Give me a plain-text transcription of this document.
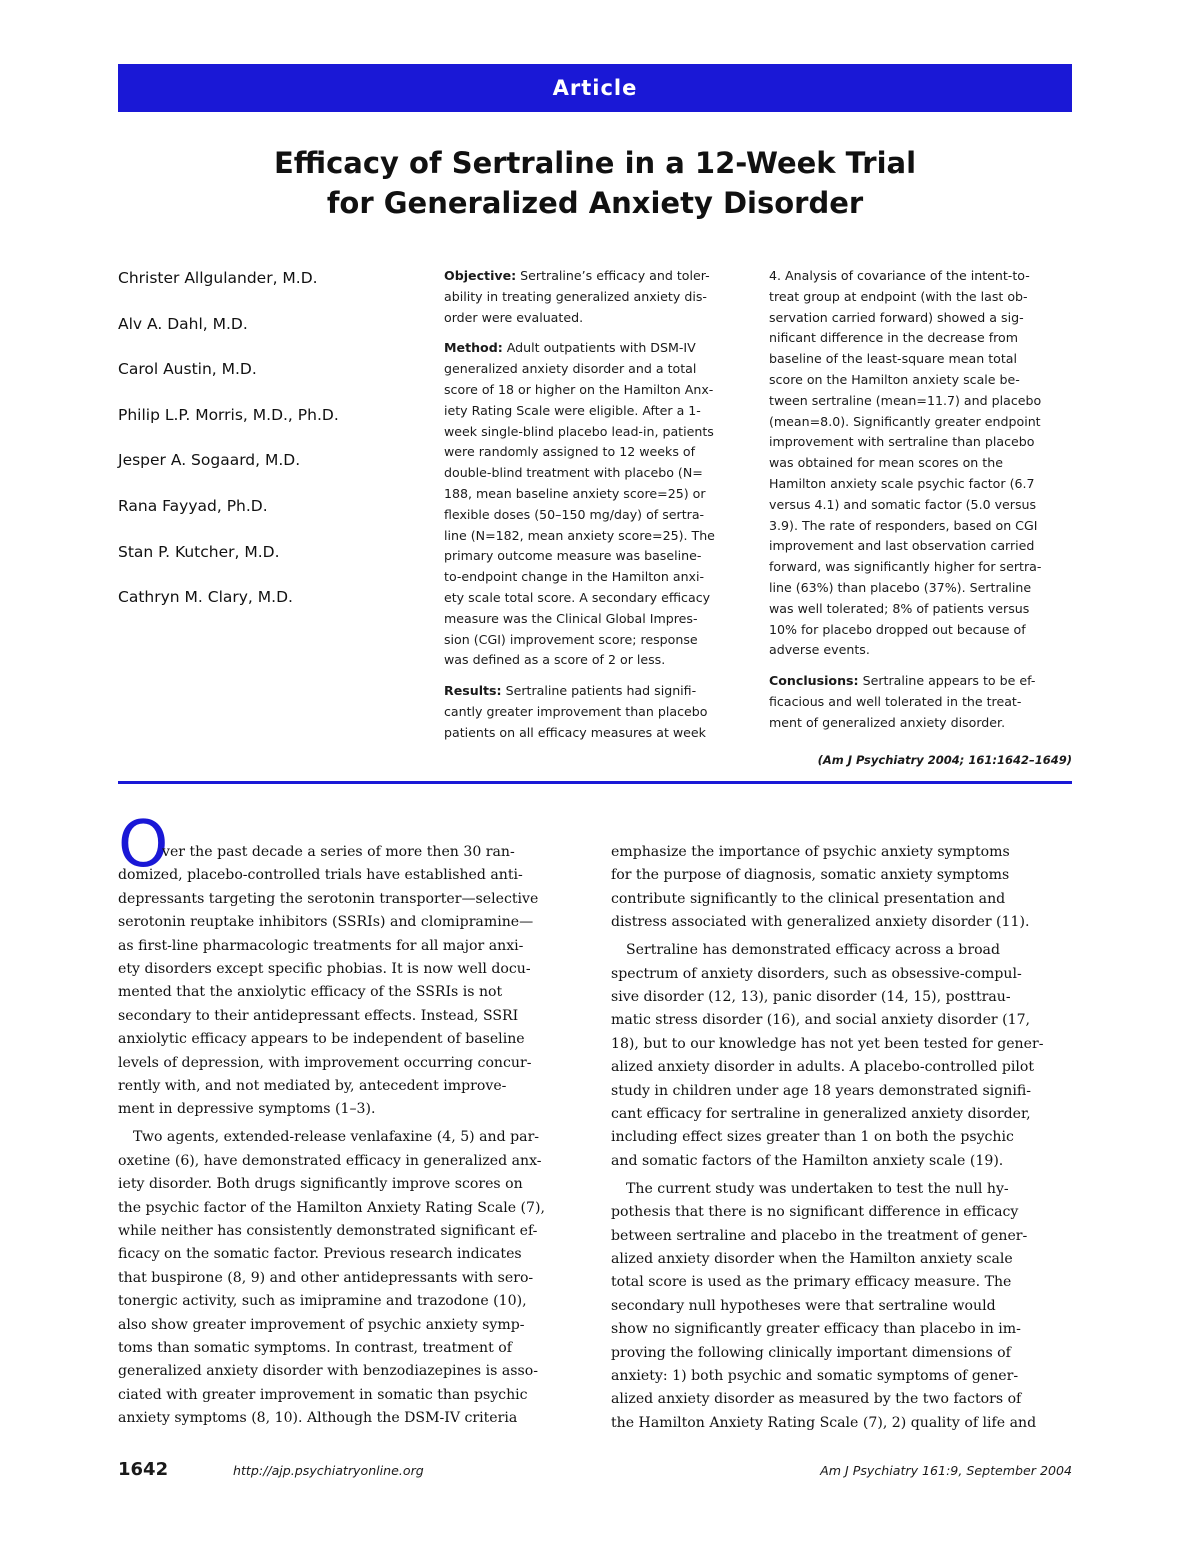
Article
Efficacy of Sertraline in a 12-Week Trial
for Generalized Anxiety Disorder
Christer Allgulander, M.D.
Alv A. Dahl, M.D.
Carol Austin, M.D.
Philip L.P. Morris, M.D., Ph.D.
Jesper A. Sogaard, M.D.
Rana Fayyad, Ph.D.
Stan P. Kutcher, M.D.
Cathryn M. Clary, M.D.
Objective: Sertraline’s efficacy and toler-
ability in treating generalized anxiety dis-
order were evaluated.
Method: Adult outpatients with DSM-IV
generalized anxiety disorder and a total
score of 18 or higher on the Hamilton Anx-
iety Rating Scale were eligible. After a 1-
week single-blind placebo lead-in, patients
were randomly assigned to 12 weeks of
double-blind treatment with placebo (N=
188, mean baseline anxiety score=25) or
flexible doses (50–150 mg/day) of sertra-
line (N=182, mean anxiety score=25). The
primary outcome measure was baseline-
to-endpoint change in the Hamilton anxi-
ety scale total score. A secondary efficacy
measure was the Clinical Global Impres-
sion (CGI) improvement score; response
was defined as a score of 2 or less.
Results: Sertraline patients had signifi-
cantly greater improvement than placebo
patients on all efficacy measures at week
4. Analysis of covariance of the intent-to-
treat group at endpoint (with the last ob-
servation carried forward) showed a sig-
nificant difference in the decrease from
baseline of the least-square mean total
score on the Hamilton anxiety scale be-
tween sertraline (mean=11.7) and placebo
(mean=8.0). Significantly greater endpoint
improvement with sertraline than placebo
was obtained for mean scores on the
Hamilton anxiety scale psychic factor (6.7
versus 4.1) and somatic factor (5.0 versus
3.9). The rate of responders, based on CGI
improvement and last observation carried
forward, was significantly higher for sertra-
line (63%) than placebo (37%). Sertraline
was well tolerated; 8% of patients versus
10% for placebo dropped out because of
adverse events.
Conclusions: Sertraline appears to be ef-
ficacious and well tolerated in the treat-
ment of generalized anxiety disorder.
(Am J Psychiatry 2004; 161:1642–1649)
O
ver the past decade a series of more then 30 ran-
domized, placebo-controlled trials have established anti-
depressants targeting the serotonin transporter—selective
serotonin reuptake inhibitors (SSRIs) and clomipramine—
as first-line pharmacologic treatments for all major anxi-
ety disorders except specific phobias. It is now well docu-
mented that the anxiolytic efficacy of the SSRIs is not
secondary to their antidepressant effects. Instead, SSRI
anxiolytic efficacy appears to be independent of baseline
levels of depression, with improvement occurring concur-
rently with, and not mediated by, antecedent improve-
ment in depressive symptoms (1–3).
Two agents, extended-release venlafaxine (4, 5) and par-
oxetine (6), have demonstrated efficacy in generalized anx-
iety disorder. Both drugs significantly improve scores on
the psychic factor of the Hamilton Anxiety Rating Scale (7),
while neither has consistently demonstrated significant ef-
ficacy on the somatic factor. Previous research indicates
that buspirone (8, 9) and other antidepressants with sero-
tonergic activity, such as imipramine and trazodone (10),
also show greater improvement of psychic anxiety symp-
toms than somatic symptoms. In contrast, treatment of
generalized anxiety disorder with benzodiazepines is asso-
ciated with greater improvement in somatic than psychic
anxiety symptoms (8, 10). Although the DSM-IV criteria
emphasize the importance of psychic anxiety symptoms
for the purpose of diagnosis, somatic anxiety symptoms
contribute significantly to the clinical presentation and
distress associated with generalized anxiety disorder (11).
Sertraline has demonstrated efficacy across a broad
spectrum of anxiety disorders, such as obsessive-compul-
sive disorder (12, 13), panic disorder (14, 15), posttrau-
matic stress disorder (16), and social anxiety disorder (17,
18), but to our knowledge has not yet been tested for gener-
alized anxiety disorder in adults. A placebo-controlled pilot
study in children under age 18 years demonstrated signifi-
cant efficacy for sertraline in generalized anxiety disorder,
including effect sizes greater than 1 on both the psychic
and somatic factors of the Hamilton anxiety scale (19).
The current study was undertaken to test the null hy-
pothesis that there is no significant difference in efficacy
between sertraline and placebo in the treatment of gener-
alized anxiety disorder when the Hamilton anxiety scale
total score is used as the primary efficacy measure. The
secondary null hypotheses were that sertraline would
show no significantly greater efficacy than placebo in im-
proving the following clinically important dimensions of
anxiety: 1) both psychic and somatic symptoms of gener-
alized anxiety disorder as measured by the two factors of
the Hamilton Anxiety Rating Scale (7), 2) quality of life and
1642	http://ajp.psychiatryonline.org	Am J Psychiatry 161:9, September 2004
